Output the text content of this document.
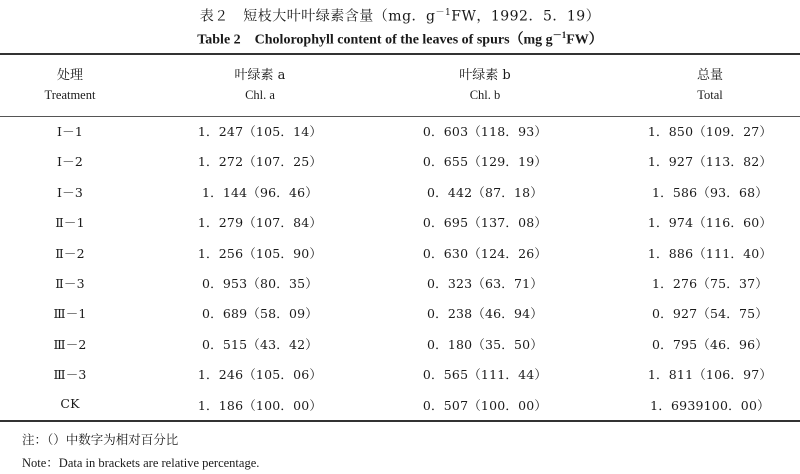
表２　短枝大叶叶绿素含量（mg．$g^{-1}FW$，1992．5．19）
Table 2　Cholorophyll content of the leaves of spurs（mg $g^{-1}FW$）
处理	叶绿素 a	叶绿素 b	总量
Treatment	Chl. a	Chl. b	Total
Ⅰ－1	1．247（105．14）	0．603（118．93）	1．850（109．27）
Ⅰ－2	1．272（107．25）	0．655（129．19）	1．927（113．82）
Ⅰ－3	1．144（96．46）	0．442（87．18）	1．586（93．68）
Ⅱ－1	1．279（107．84）	0．695（137．08）	1．974（116．60）
Ⅱ－2	1．256（105．90）	0．630（124．26）	1．886（111．40）
Ⅱ－3	0．953（80．35）	0．323（63．71）	1．276（75．37）
Ⅲ－1	0．689（58．09）	0．238（46．94）	0．927（54．75）
Ⅲ－2	0．515（43．42）	0．180（35．50）	0．795（46．96）
Ⅲ－3	1．246（105．06）	0．565（111．44）	1．811（106．97）
CK	1．186（100．00）	0．507（100．00）	1．6939100．00）
注：（）中数字为相对百分比
Note：Data in brackets are relative percentage.
